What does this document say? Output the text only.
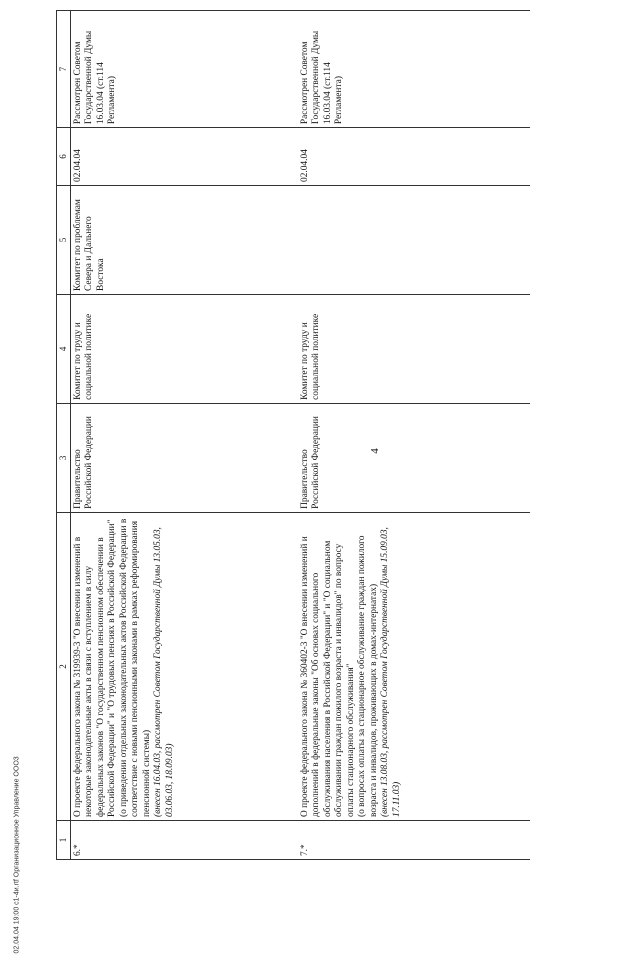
4
02.04.04 19:00 с1-4и.rtf Организационное Управление ООО3	1	2	3	4	5	6	7
6.*	О проекте федерального закона № 319939-3 "О внесении изменений в некоторые законодательные акты в связи с вступлением в силу федеральных законов "О государственном пенсионном обеспечении в Российской Федерации" и "О трудовых пенсиях в Российской Федерации" (о приведении отдельных законодательных актов Российской Федерации в соответствие с новыми пенсионными законами в рамках реформирования пенсионной системы) (внесен 16.04.03, рассмотрен Советом Государственной Думы 13.05.03, 03.06.03, 18.09.03)	Правительство Российской Федерации	Комитет по труду и социальной политике	Комитет по проблемам Севера и Дальнего Востока	02.04.04	Рассмотрен Советом Государственной Думы 16.03.04 (ст.114 Регламента)
7.*	О проекте федерального закона № 360402-3 "О внесении изменений и дополнений в федеральные законы "Об основах социального обслуживания населения в Российской Федерации" и "О социальном обслуживании граждан пожилого возраста и инвалидов" по вопросу оплаты стационарного обслуживания" (о вопросах оплаты за стационарное обслуживание граждан пожилого возраста и инвалидов, проживающих в домах-интернатах) (внесен 13.08.03, рассмотрен Советом Государственной Думы 15.09.03, 17.11.03)	Правительство Российской Федерации	Комитет по труду и социальной политике		02.04.04	Рассмотрен Советом Государственной Думы 16.03.04 (ст.114 Регламента)
